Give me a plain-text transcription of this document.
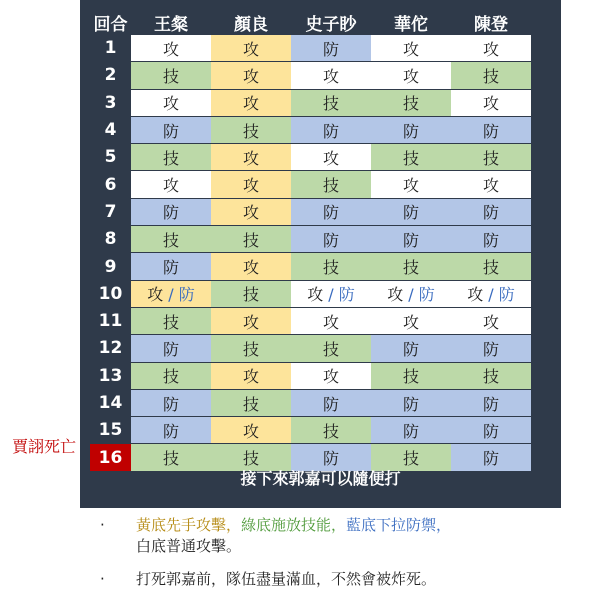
回合	王粲	顏良	史子眇	華佗	陳登
1	攻	攻	防	攻	攻
2	技	攻	攻	攻	技
3	攻	攻	技	技	攻
4	防	技	防	防	防
5	技	攻	攻	技	技
6	攻	攻	技	攻	攻
7	防	攻	防	防	防
8	技	技	防	防	防
9	防	攻	技	技	技
10	攻 / 防	技	攻 / 防	攻 / 防	攻 / 防
11	技	攻	攻	攻	攻
12	防	技	技	防	防
13	技	攻	攻	技	技
14	防	技	防	防	防
15	防	攻	技	防	防
16	技	技	防	技	防
接下來郭嘉可以隨便打
賈詡死亡
·	黃底先手攻擊，綠底施放技能，藍底下拉防禦，
白底普通攻擊。
·	打死郭嘉前，隊伍盡量滿血，不然會被炸死。
